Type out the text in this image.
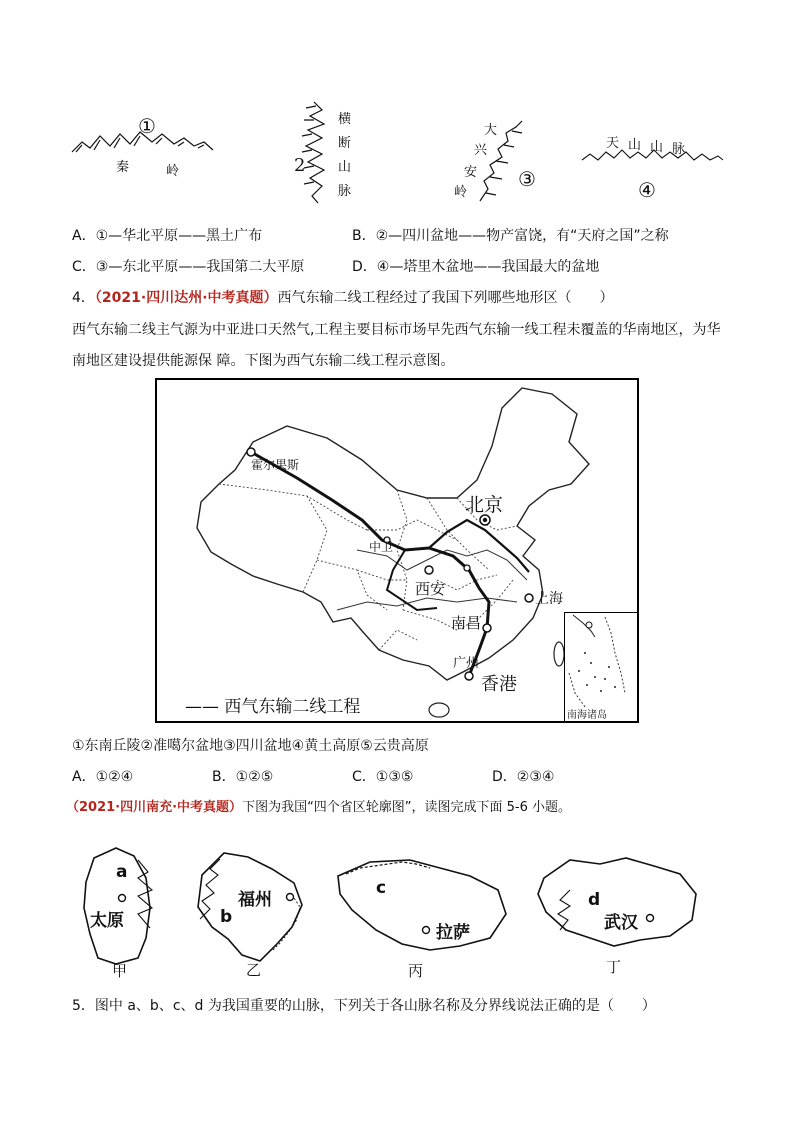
①
秦	岭	2
横
断
山
脉
大
兴
安
岭
③
天 山 山 脉
④
A．①—华北平原——黑土广布	B．②—四川盆地——物产富饶，有“天府之国”之称
C．③—东北平原——我国第二大平原	D．④—塔里木盆地——我国最大的盆地
4．（2021·四川达州·中考真题）西气东输二线工程经过了我国下列哪些地形区（　　）
西气东输二线主气源为中亚进口天然气,工程主要目标市场早先西气东输一线工程未覆盖的华南地区，为华
南地区建设提供能源保 障。下图为西气东输二线工程示意图。
霍尔果斯
中卫
北京
西安
上海
南昌
广州
香港
—— 西气东输二线工程	南海诸岛
①东南丘陵②准噶尔盆地③四川盆地④黄土高原⑤云贵高原
A．①②④	B．①②⑤	C．①③⑤	D．②③④
（2021·四川南充·中考真题）下图为我国“四个省区轮廓图”，读图完成下面 5-6 小题。
a
太原
甲
福州
b
乙
c
拉萨
丙
d
武汉
丁
5．图中 a、b、c、d 为我国重要的山脉，下列关于各山脉名称及分界线说法正确的是（　　）
